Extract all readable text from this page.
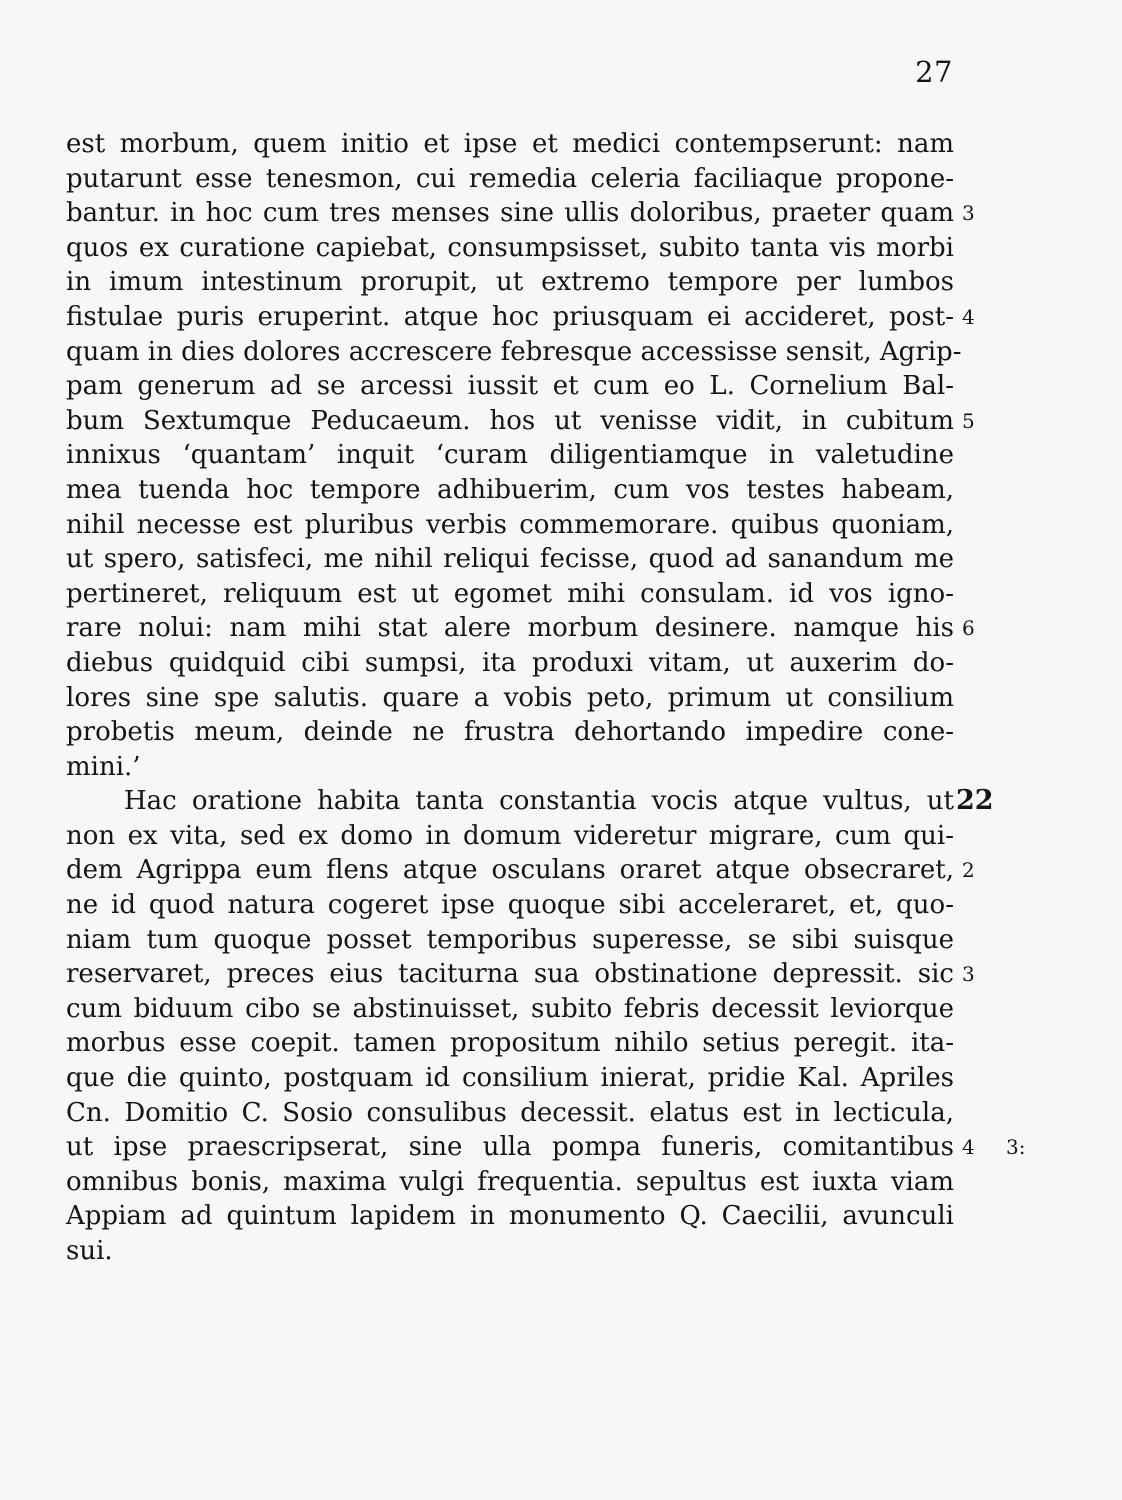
27
est morbum, quem initio et ipse et medici contempserunt: nam
putarunt esse tenesmon, cui remedia celeria faciliaque propone-
bantur. in hoc cum tres menses sine ullis doloribus, praeter quam 3
quos ex curatione capiebat, consumpsisset, subito tanta vis morbi
in imum intestinum prorupit, ut extremo tempore per lumbos
fistulae puris eruperint. atque hoc priusquam ei accideret, post- 4
quam in dies dolores accrescere febresque accessisse sensit, Agrip-
pam generum ad se arcessi iussit et cum eo L. Cornelium Bal-
bum Sextumque Peducaeum. hos ut venisse vidit, in cubitum 5
innixus ‘quantam’ inquit ‘curam diligentiamque in valetudine
mea tuenda hoc tempore adhibuerim, cum vos testes habeam,
nihil necesse est pluribus verbis commemorare. quibus quoniam,
ut spero, satisfeci, me nihil reliqui fecisse, quod ad sanandum me
pertineret, reliquum est ut egomet mihi consulam. id vos igno-
rare nolui: nam mihi stat alere morbum desinere. namque his 6
diebus quidquid cibi sumpsi, ita produxi vitam, ut auxerim do-
lores sine spe salutis. quare a vobis peto, primum ut consilium
probetis meum, deinde ne frustra dehortando impedire cone-
mini.’
Hac oratione habita tanta constantia vocis atque vultus, ut 22
non ex vita, sed ex domo in domum videretur migrare, cum qui-
dem Agrippa eum flens atque osculans oraret atque obsecraret, 2
ne id quod natura cogeret ipse quoque sibi acceleraret, et, quo-
niam tum quoque posset temporibus superesse, se sibi suisque
reservaret, preces eius taciturna sua obstinatione depressit. sic 3
cum biduum cibo se abstinuisset, subito febris decessit leviorque
morbus esse coepit. tamen propositum nihilo setius peregit. ita-
que die quinto, postquam id consilium inierat, pridie Kal. Apriles
Cn. Domitio C. Sosio consulibus decessit. elatus est in lecticula,
ut ipse praescripserat, sine ulla pompa funeris, comitantibus 4	3:
omnibus bonis, maxima vulgi frequentia. sepultus est iuxta viam
Appiam ad quintum lapidem in monumento Q. Caecilii, avunculi
sui.
